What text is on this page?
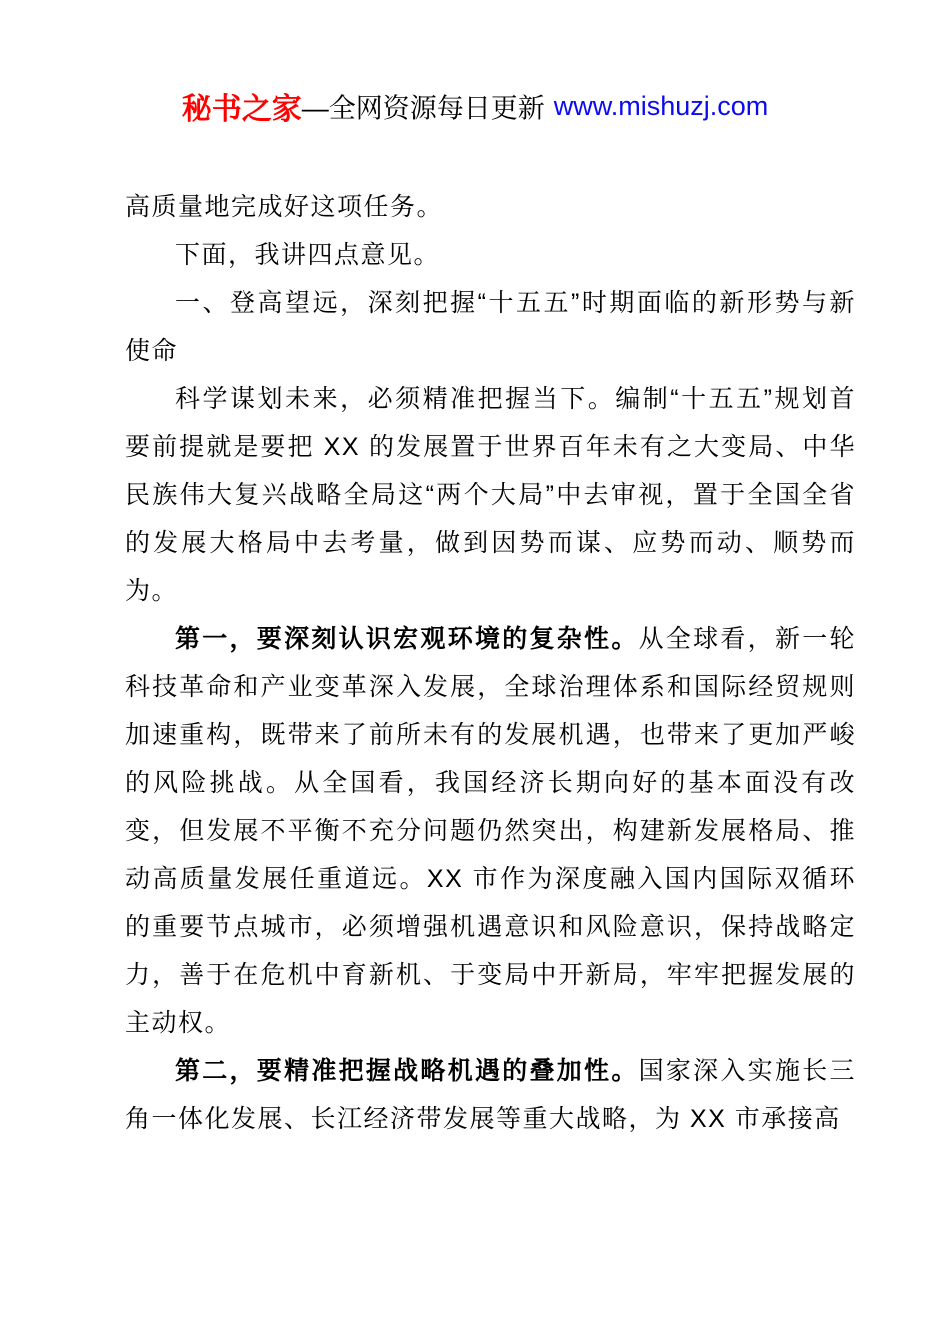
秘书之家—全网资源每日更新 www.mishuzj.com

高质量地完成好这项任务。

下面，我讲四点意见。

一、登高望远，深刻把握“十五五”时期面临的新形势与新使命

科学谋划未来，必须精准把握当下。编制“十五五”规划首要前提就是要把 XX 的发展置于世界百年未有之大变局、中华民族伟大复兴战略全局这“两个大局”中去审视，置于全国全省的发展大格局中去考量，做到因势而谋、应势而动、顺势而为。

第一，要深刻认识宏观环境的复杂性。从全球看，新一轮科技革命和产业变革深入发展，全球治理体系和国际经贸规则加速重构，既带来了前所未有的发展机遇，也带来了更加严峻的风险挑战。从全国看，我国经济长期向好的基本面没有改变，但发展不平衡不充分问题仍然突出，构建新发展格局、推动高质量发展任重道远。XX 市作为深度融入国内国际双循环的重要节点城市，必须增强机遇意识和风险意识，保持战略定力，善于在危机中育新机、于变局中开新局，牢牢把握发展的主动权。

第二，要精准把握战略机遇的叠加性。国家深入实施长三角一体化发展、长江经济带发展等重大战略，为 XX 市承接高
